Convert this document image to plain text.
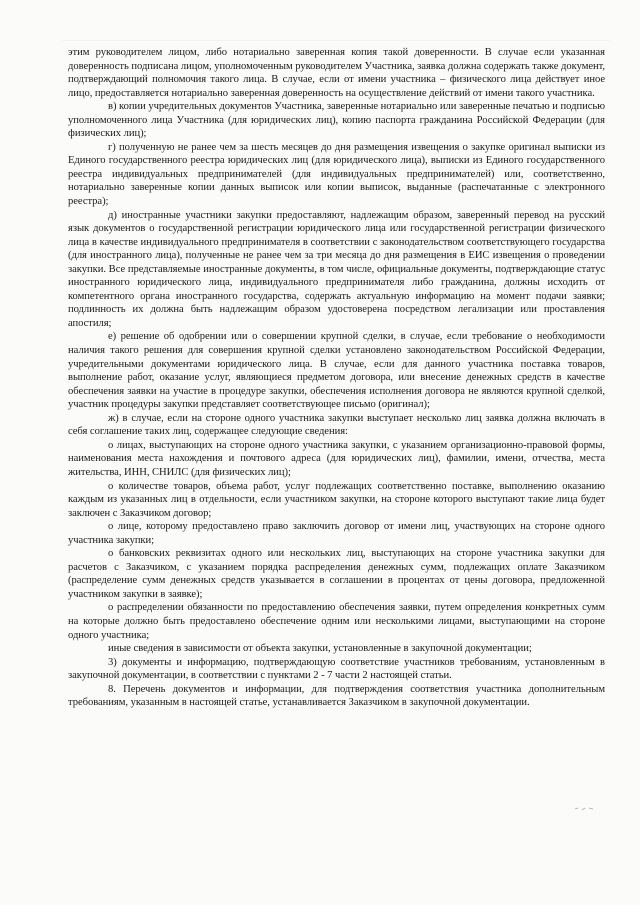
этим руководителем лицом, либо нотариально заверенная копия такой доверенности. В случае если указанная доверенность подписана лицом, уполномоченным руководителем Участника, заявка должна содержать также документ, подтверждающий полномочия такого лица. В случае, если от имени участника – физического лица действует иное лицо, предоставляется нотариально заверенная доверенность на осуществление действий от имени такого участника.

в) копии учредительных документов Участника, заверенные нотариально или заверенные печатью и подписью уполномоченного лица Участника (для юридических лиц), копию паспорта гражданина Российской Федерации (для физических лиц);

г) полученную не ранее чем за шесть месяцев до дня размещения извещения о закупке оригинал выписки из Единого государственного реестра юридических лиц (для юридического лица), выписки из Единого государственного реестра индивидуальных предпринимателей (для индивидуальных предпринимателей) или, соответственно, нотариально заверенные копии данных выписок или копии выписок, выданные (распечатанные с электронного реестра);

д) иностранные участники закупки предоставляют, надлежащим образом, заверенный перевод на русский язык документов о государственной регистрации юридического лица или государственной регистрации физического лица в качестве индивидуального предпринимателя в соответствии с законодательством соответствующего государства (для иностранного лица), полученные не ранее чем за три месяца до дня размещения в ЕИС извещения о проведении закупки. Все представляемые иностранные документы, в том числе, официальные документы, подтверждающие статус иностранного юридического лица, индивидуального предпринимателя либо гражданина, должны исходить от компетентного органа иностранного государства, содержать актуальную информацию на момент подачи заявки; подлинность их должна быть надлежащим образом удостоверена посредством легализации или проставления апостиля;

е) решение об одобрении или о совершении крупной сделки, в случае, если требование о необходимости наличия такого решения для совершения крупной сделки установлено законодательством Российской Федерации, учредительными документами юридического лица. В случае, если для данного участника поставка товаров, выполнение работ, оказание услуг, являющиеся предметом договора, или внесение денежных средств в качестве обеспечения заявки на участие в процедуре закупки, обеспечения исполнения договора не являются крупной сделкой, участник процедуры закупки представляет соответствующее письмо (оригинал);

ж) в случае, если на стороне одного участника закупки выступает несколько лиц заявка должна включать в себя соглашение таких лиц, содержащее следующие сведения:

о лицах, выступающих на стороне одного участника закупки, с указанием организационно-правовой формы, наименования места нахождения и почтового адреса (для юридических лиц), фамилии, имени, отчества, места жительства, ИНН, СНИЛС (для физических лиц);

о количестве товаров, объема работ, услуг подлежащих соответственно поставке, выполнению оказанию каждым из указанных лиц в отдельности, если участником закупки, на стороне которого выступают такие лица будет заключен с Заказчиком договор;

о лице, которому предоставлено право заключить договор от имени лиц, участвующих на стороне одного участника закупки;

о банковских реквизитах одного или нескольких лиц, выступающих на стороне участника закупки для расчетов с Заказчиком, с указанием порядка распределения денежных сумм, подлежащих оплате Заказчиком (распределение сумм денежных средств указывается в соглашении в процентах от цены договора, предложенной участником закупки в заявке);

о распределении обязанности по предоставлению обеспечения заявки, путем определения конкретных сумм на которые должно быть предоставлено обеспечение одним или несколькими лицами, выступающими на стороне одного участника;

иные сведения в зависимости от объекта закупки, установленные в закупочной документации;

3) документы и информацию, подтверждающую соответствие участников требованиям, установленным в закупочной документации, в соответствии с пунктами 2 - 7 части 2 настоящей статьи.

8. Перечень документов и информации, для подтверждения соответствия участника дополнительным требованиям, указанным в настоящей статье, устанавливается Заказчиком в закупочной документации.
